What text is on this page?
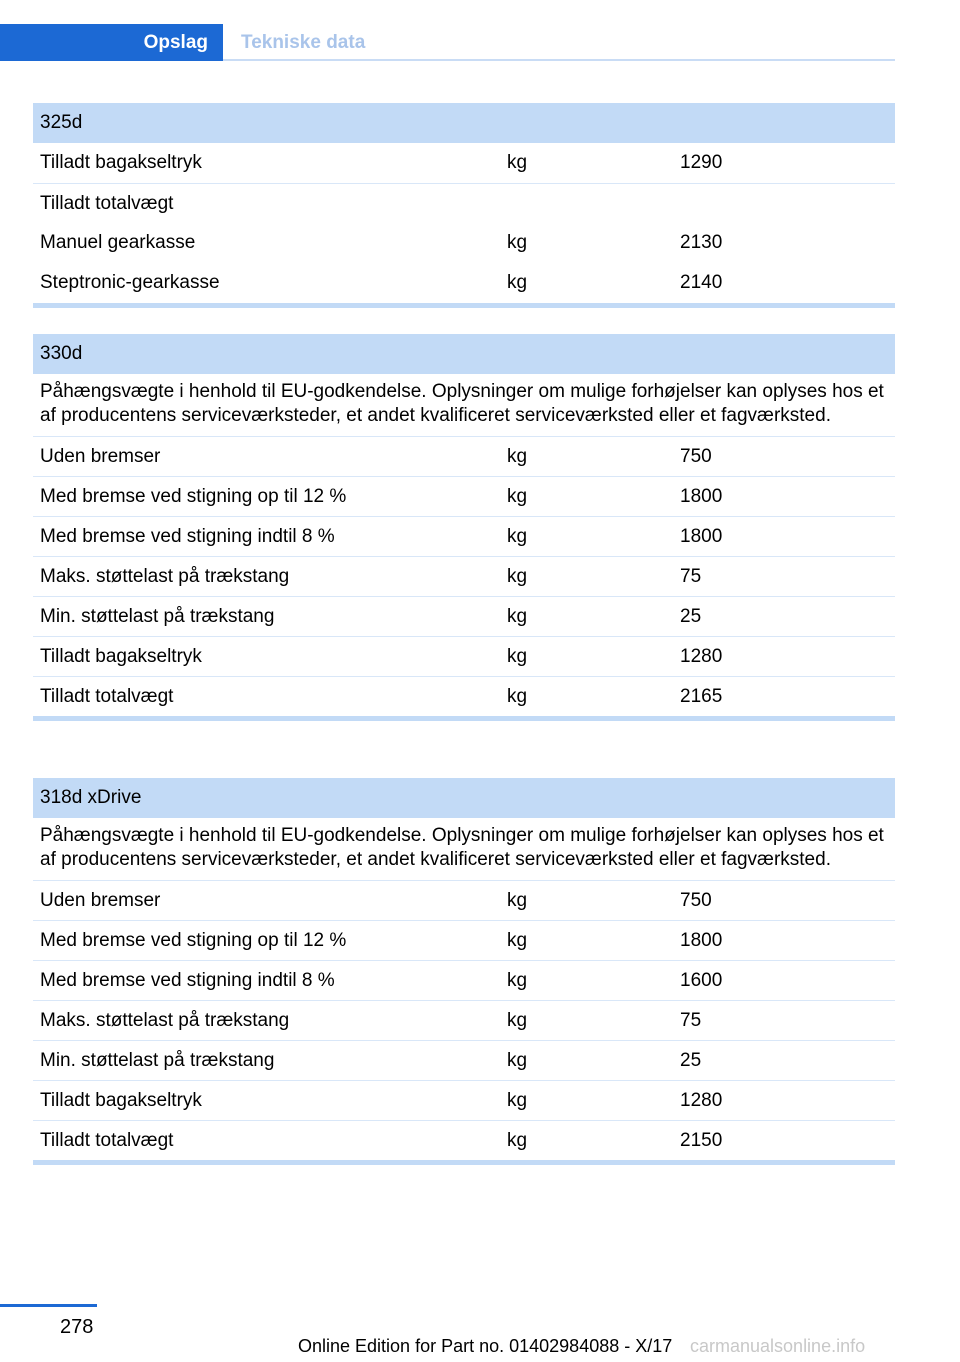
Opslag	Tekniske data
325d
Tilladt bagakseltryk	kg	1290
Tilladt totalvægt
Manuel gearkasse	kg	2130
Steptronic-gearkasse	kg	2140
330d
Påhængsvægte i henhold til EU-godkendelse. Oplysninger om mulige forhøjelser kan oplyses hos et af producentens serviceværksteder, et andet kvalificeret serviceværksted eller et fagværksted.
Uden bremser	kg	750
Med bremse ved stigning op til 12 %	kg	1800
Med bremse ved stigning indtil 8 %	kg	1800
Maks. støttelast på trækstang	kg	75
Min. støttelast på trækstang	kg	25
Tilladt bagakseltryk	kg	1280
Tilladt totalvægt	kg	2165
318d xDrive
Påhængsvægte i henhold til EU-godkendelse. Oplysninger om mulige forhøjelser kan oplyses hos et af producentens serviceværksteder, et andet kvalificeret serviceværksted eller et fagværksted.
Uden bremser	kg	750
Med bremse ved stigning op til 12 %	kg	1800
Med bremse ved stigning indtil 8 %	kg	1600
Maks. støttelast på trækstang	kg	75
Min. støttelast på trækstang	kg	25
Tilladt bagakseltryk	kg	1280
Tilladt totalvægt	kg	2150
278
Online Edition for Part no. 01402984088 - X/17 carmanualsonline.info
